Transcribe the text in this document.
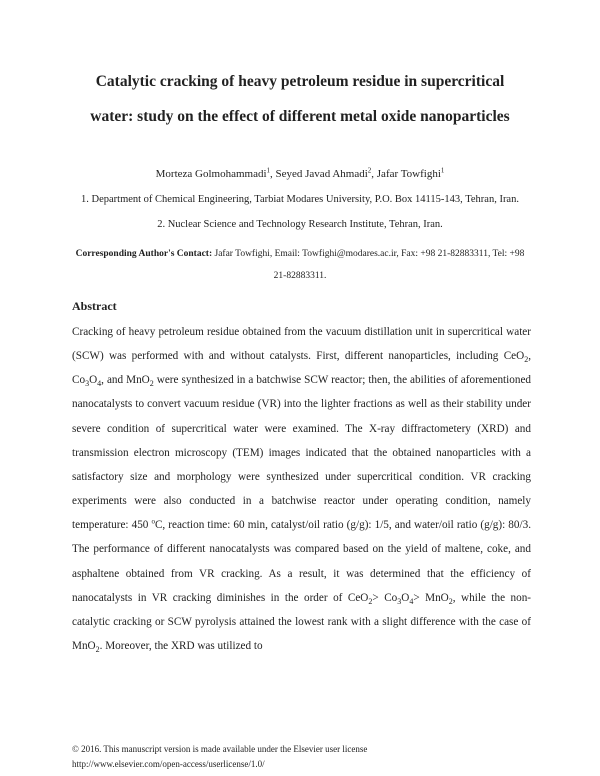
Catalytic cracking of heavy petroleum residue in supercritical
water: study on the effect of different metal oxide nanoparticles
Morteza Golmohammadi$^1$, Seyed Javad Ahmadi$^2$, Jafar Towfighi$^1$
1. Department of Chemical Engineering, Tarbiat Modares University, P.O. Box 14115-143, Tehran, Iran.
2. Nuclear Science and Technology Research Institute, Tehran, Iran.
Corresponding Author's Contact: Jafar Towfighi, Email: Towfighi@modares.ac.ir, Fax: +98 21-82883311, Tel: +98 21-82883311.
Abstract

Cracking of heavy petroleum residue obtained from the vacuum distillation unit in supercritical water (SCW) was performed with and without catalysts. First, different nanoparticles, including CeO$_2$, $Co_3O_4$, and MnO$_2$ were synthesized in a batchwise SCW reactor; then, the abilities of aforementioned nanocatalysts to convert vacuum residue (VR) into the lighter fractions as well as their stability under severe condition of supercritical water were examined. The X-ray diffractometery (XRD) and transmission electron microscopy (TEM) images indicated that the obtained nanoparticles with a satisfactory size and morphology were synthesized under supercritical condition. VR cracking experiments were also conducted in a batchwise reactor under operating condition, namely temperature: 450 $^o$C, reaction time: 60 min, catalyst/oil ratio (g/g): 1/5, and water/oil ratio (g/g): 80/3. The performance of different nanocatalysts was compared based on the yield of maltene, coke, and asphaltene obtained from VR cracking. As a result, it was determined that the efficiency of nanocatalysts in VR cracking diminishes in the order of $CeO_2> Co_3O_4> MnO_2$, while the non-catalytic cracking or SCW pyrolysis attained the lowest rank with a slight difference with the case of MnO$_2$. Moreover, the XRD was utilized to

© 2016. This manuscript version is made available under the Elsevier user license
http://www.elsevier.com/open-access/userlicense/1.0/
